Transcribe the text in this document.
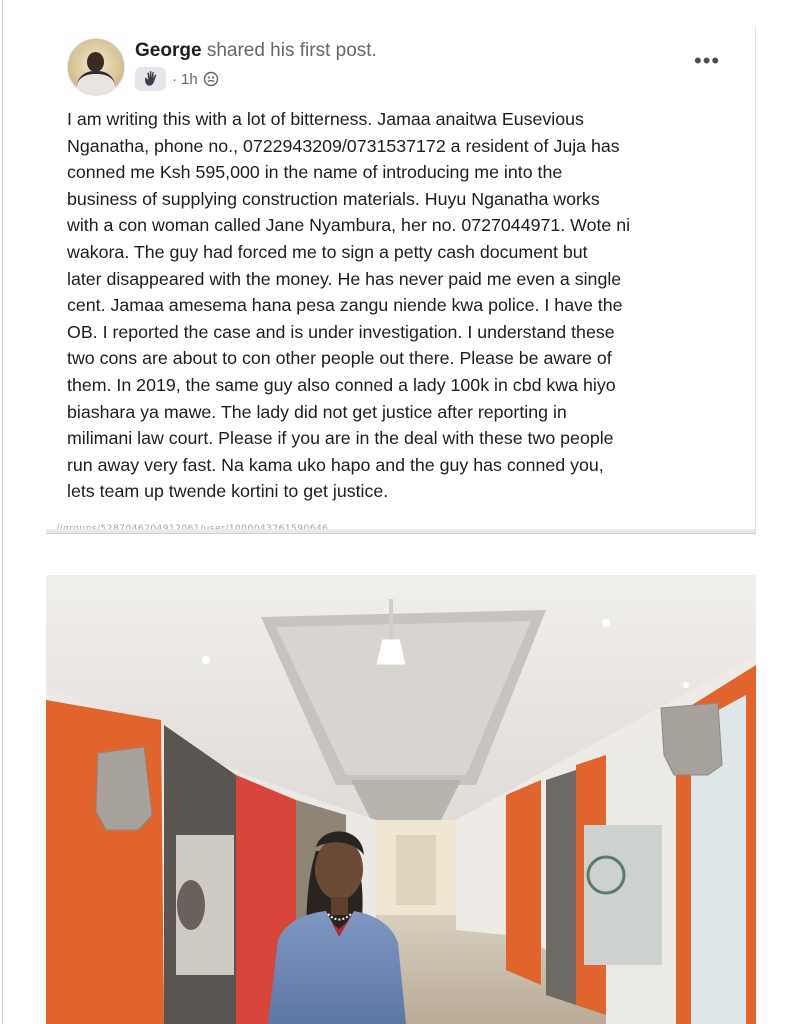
George shared his first post.
· 1h
•••
I am writing this with a lot of bitterness. Jamaa anaitwa Eusevious
Nganatha, phone no., 0722943209/0731537172 a resident of Juja has
conned me Ksh 595,000 in the name of introducing me into the
business of supplying construction materials. Huyu Nganatha works
with a con woman called Jane Nyambura, her no. 0727044971. Wote ni
wakora. The guy had forced me to sign a petty cash document but
later disappeared with the money. He has never paid me even a single
cent. Jamaa amesema hana pesa zangu niende kwa police. I have the
OB. I reported the case and is under investigation. I understand these
two cons are about to con other people out there. Please be aware of
them. In 2019, the same guy also conned a lady 100k in cbd kwa hiyo
biashara ya mawe. The lady did not get justice after reporting in
milimani law court. Please if you are in the deal with these two people
run away very fast. Na kama uko hapo and the guy has conned you,
lets team up twende kortini to get justice.
